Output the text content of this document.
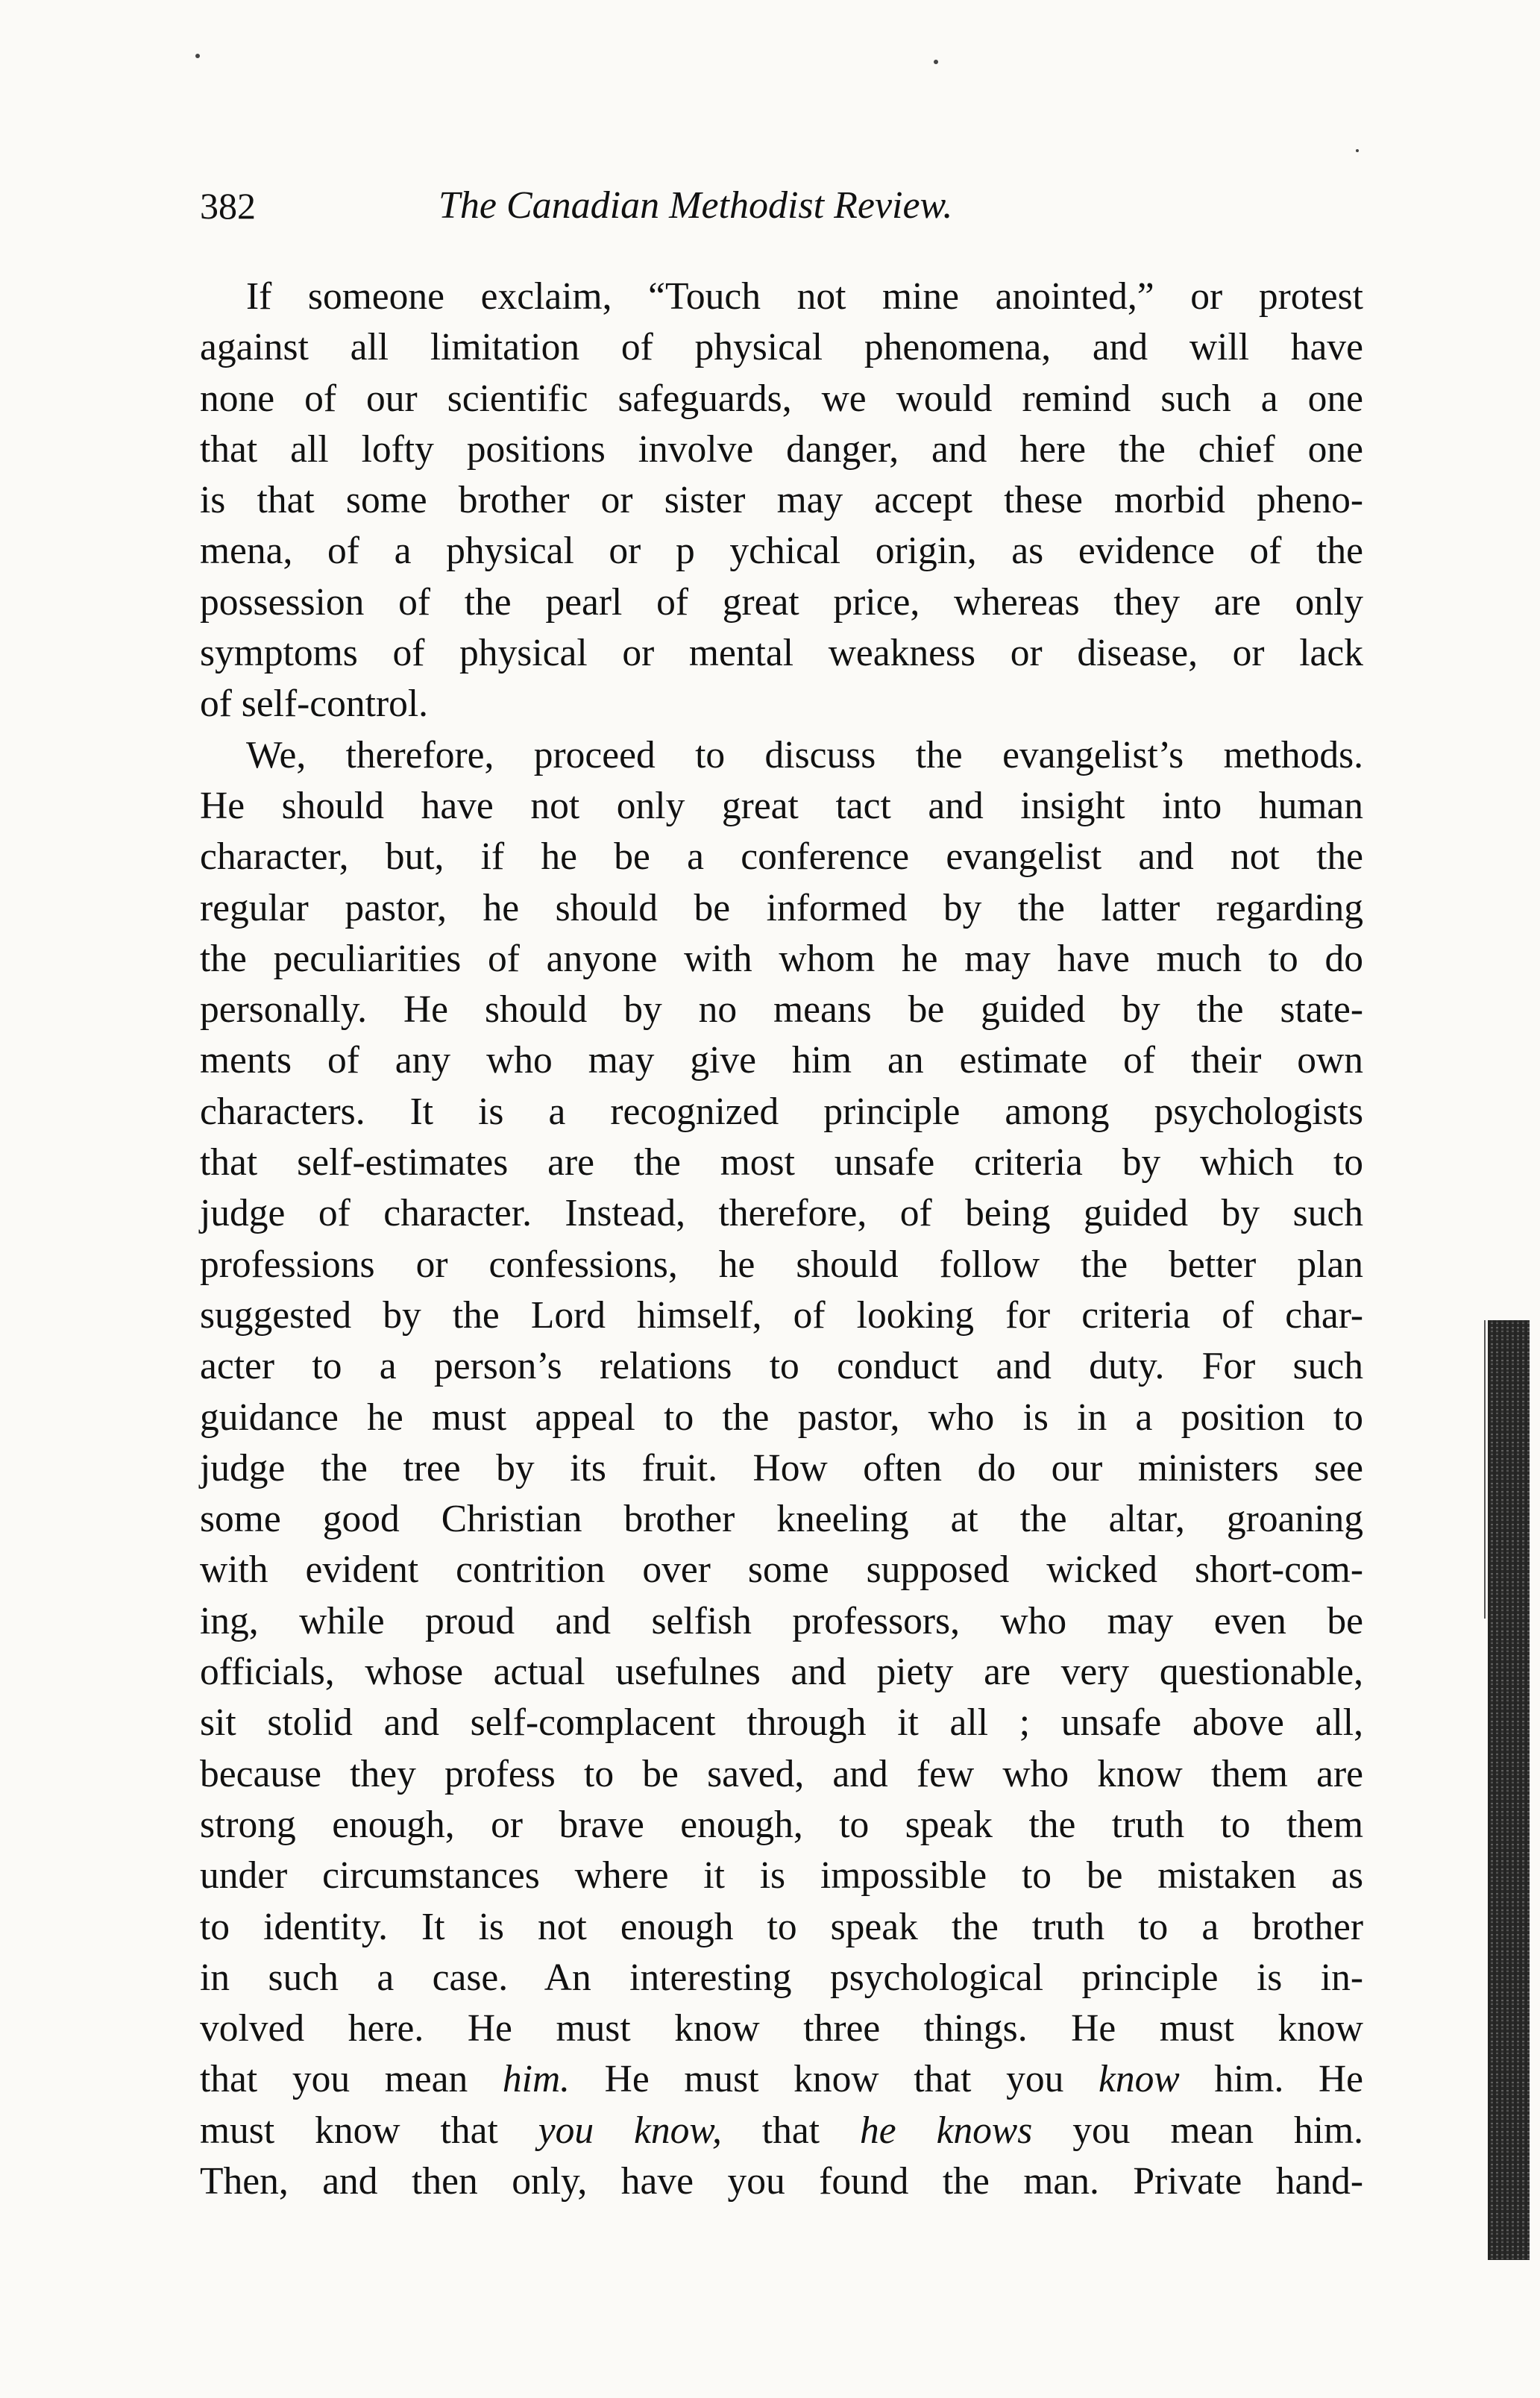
382	The Canadian Methodist Review.
If someone exclaim, “Touch not mine anointed,” or protest
against all limitation of physical phenomena, and will have
none of our scientific safeguards, we would remind such a one
that all lofty positions involve danger, and here the chief one
is that some brother or sister may accept these morbid pheno-
mena, of a physical or p ychical origin, as evidence of the
possession of the pearl of great price, whereas they are only
symptoms of physical or mental weakness or disease, or lack
of self-control.
We, therefore, proceed to discuss the evangelist’s methods.
He should have not only great tact and insight into human
character, but, if he be a conference evangelist and not the
regular pastor, he should be informed by the latter regarding
the peculiarities of anyone with whom he may have much to do
personally. He should by no means be guided by the state-
ments of any who may give him an estimate of their own
characters. It is a recognized principle among psychologists
that self-estimates are the most unsafe criteria by which to
judge of character. Instead, therefore, of being guided by such
professions or confessions, he should follow the better plan
suggested by the Lord himself, of looking for criteria of char-
acter to a person’s relations to conduct and duty. For such
guidance he must appeal to the pastor, who is in a position to
judge the tree by its fruit. How often do our ministers see
some good Christian brother kneeling at the altar, groaning
with evident contrition over some supposed wicked short-com-
ing, while proud and selfish professors, who may even be
officials, whose actual usefulnes and piety are very questionable,
sit stolid and self-complacent through it all ; unsafe above all,
because they profess to be saved, and few who know them are
strong enough, or brave enough, to speak the truth to them
under circumstances where it is impossible to be mistaken as
to identity. It is not enough to speak the truth to a brother
in such a case. An interesting psychological principle is in-
volved here. He must know three things. He must know
that you mean him. He must know that you know him. He
must know that you know, that he knows you mean him.
Then, and then only, have you found the man. Private hand-
